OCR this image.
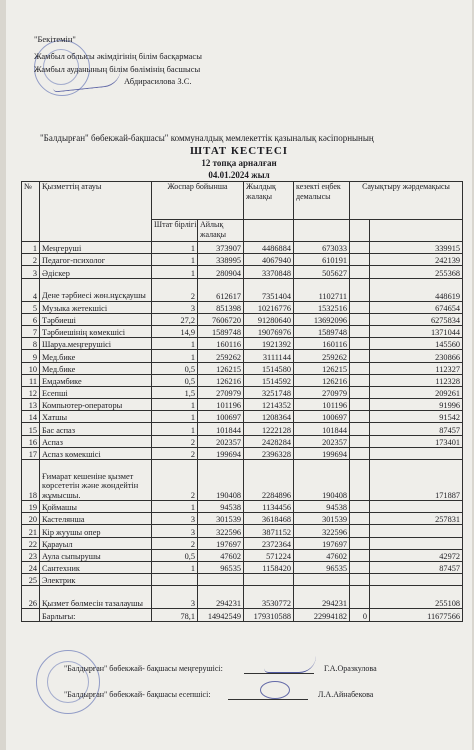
"Бекітемін"
Жамбыл облысы әкімдігінің білім басқармасы
Жамбыл ауданының білім бөлімінің басшысы
Абдирасилова З.С.
"Балдырған" бөбекжай-бақшасы" коммуналдық мемлекеттік қазыналық кәсіпорнының
ШТАТ КЕСТЕСІ
12 топқа арналған
04.01.2024 жыл
№	Қызметтің атауы	Жоспар бойынша		Жылдық жалақы	кезекті еңбек демалысы	Сауықтыру жәрдемақысы	
		Штат бірлігі	Айлық жалақы				
1	Меңгеруші	1	373907	4486884	673033		339915
2	Педагог-психолог	1	338995	4067940	610191		242139
3	Әдіскер	1	280904	3370848	505627		255368
4	Дене тәрбиесі жөн.нұсқаушы	2	612617	7351404	1102711		448619
5	Музыка жетекшісі	3	851398	10216776	1532516		674654
6	Тәрбиеші	27,2	7606720	91280640	13692096		6275834
7	Тәрбиешінің көмекшісі	14,9	1589748	19076976	1589748		1371044
8	Шаруа.меңгерушісі	1	160116	1921392	160116		145560
9	Мед.бике	1	259262	3111144	259262		230866
10	Мед.бике	0,5	126215	1514580	126215		112327
11	Емдәмбике	0,5	126216	1514592	126216		112328
12	Есепші	1,5	270979	3251748	270979		209261
13	Компьютер-операторы	1	101196	1214352	101196		91996
14	Хатшы	1	100697	1208364	100697		91542
15	Бас аспаз	1	101844	1222128	101844		87457
16	Аспаз	2	202357	2428284	202357		173401
17	Аспаз көмекшісі	2	199694	2396328	199694		
18	Ғимарат кешеніне қызмет көрсететін және жөндейтін жұмысшы.	2	190408	2284896	190408		171887
19	Қоймашы	1	94538	1134456	94538		
20	Кастелянша	3	301539	3618468	301539		257831
21	Кір жуушы опер	3	322596	3871152	322596		
22	Қарауыл	2	197697	2372364	197697		
23	Аула сыпырушы	0,5	47602	571224	47602		42972
24	Сантехник	1	96535	1158420	96535		87457
25	Электрик						
26	Қызмет бөлмесін тазалаушы	3	294231	3530772	294231		255108
	Барлығы:	78,1	14942549	179310588	22994182	0	11677566
"Балдырған" бөбекжай- бақшасы меңгерушісі:
	Г.А.Оразкулова
"Балдырған" бөбекжай- бақшасы есепшісі:
	Л.А.Айнабекова
